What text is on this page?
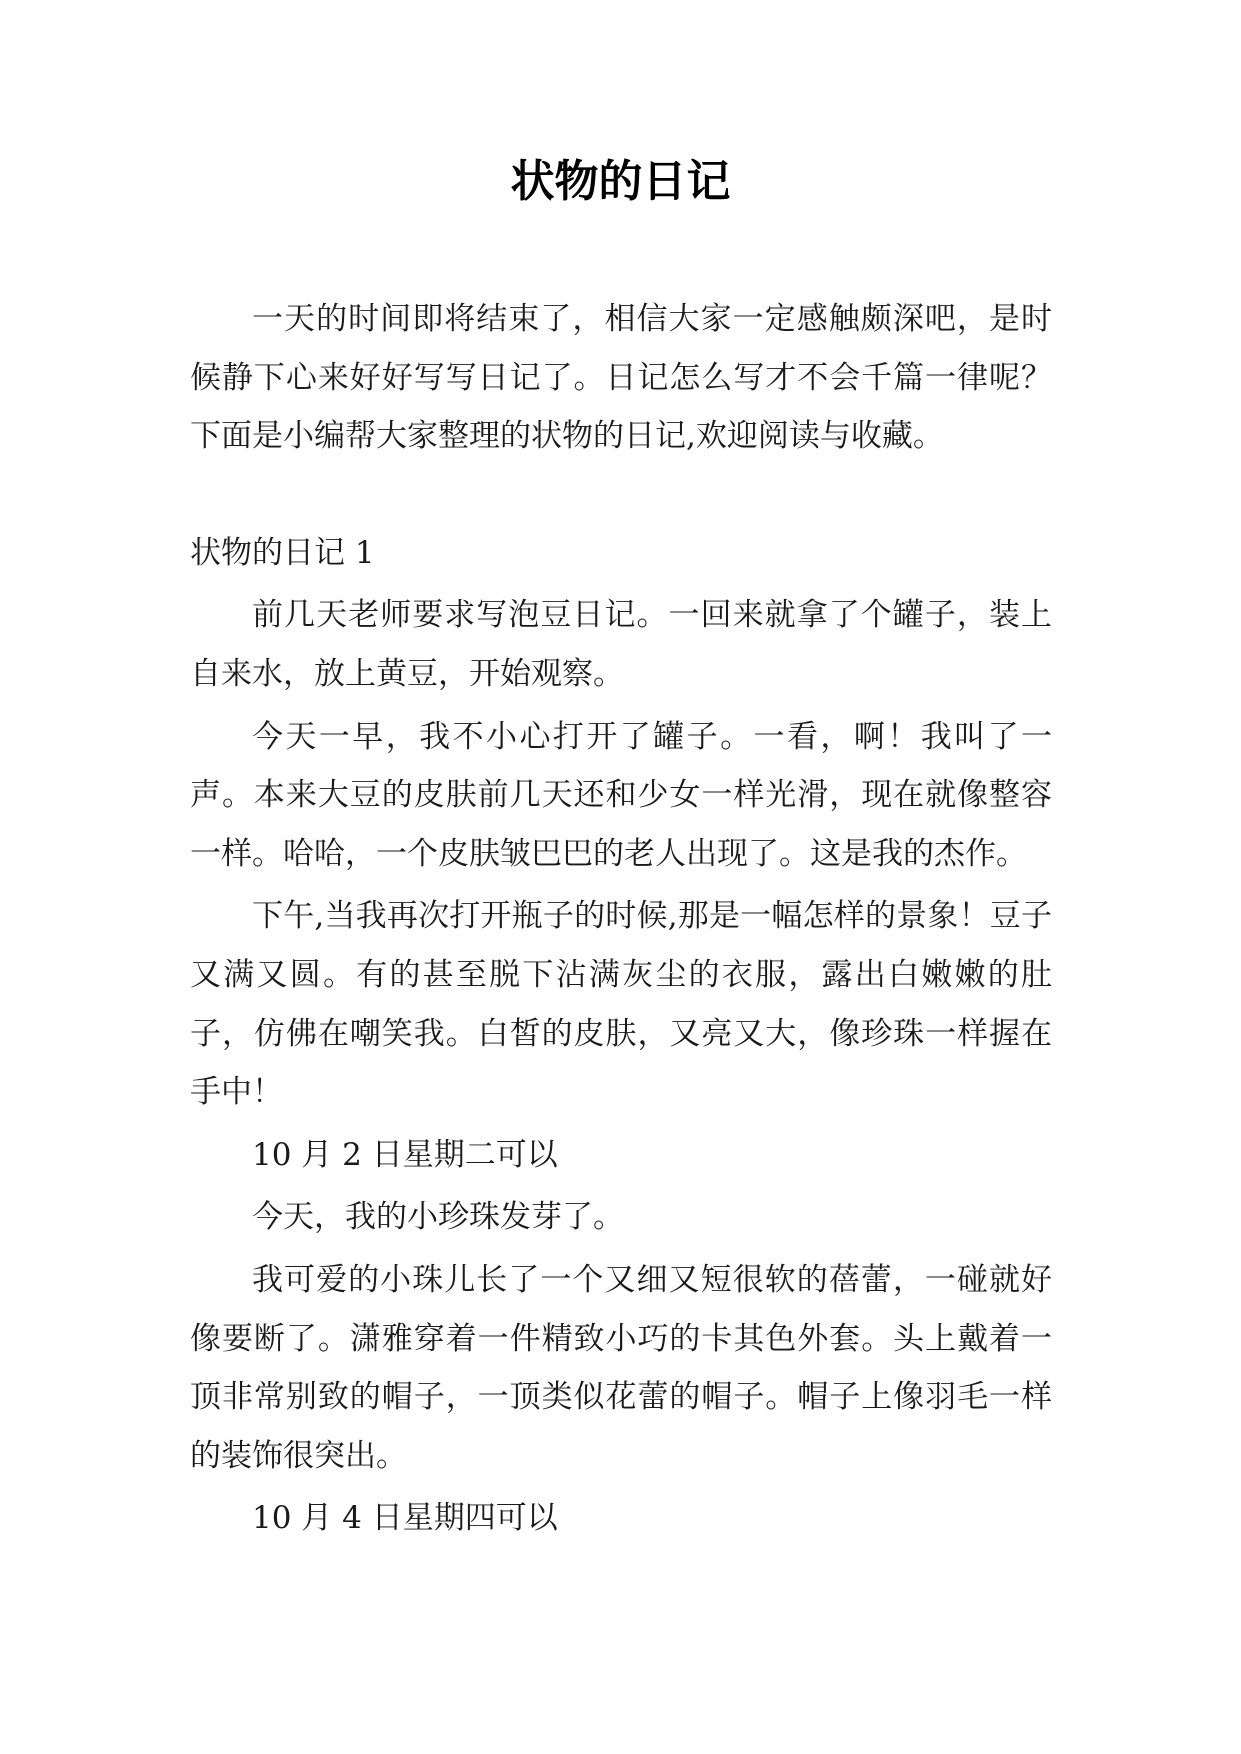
状物的日记

一天的时间即将结束了，相信大家一定感触颇深吧，是时候静下心来好好写写日记了。日记怎么写才不会千篇一律呢？下面是小编帮大家整理的状物的日记,欢迎阅读与收藏。

状物的日记 1

前几天老师要求写泡豆日记。一回来就拿了个罐子，装上自来水，放上黄豆，开始观察。

今天一早，我不小心打开了罐子。一看，啊！我叫了一声。本来大豆的皮肤前几天还和少女一样光滑，现在就像整容一样。哈哈，一个皮肤皱巴巴的老人出现了。这是我的杰作。

下午,当我再次打开瓶子的时候,那是一幅怎样的景象！豆子又满又圆。有的甚至脱下沾满灰尘的衣服，露出白嫩嫩的肚子，仿佛在嘲笑我。白皙的皮肤，又亮又大，像珍珠一样握在手中！

10 月 2 日星期二可以

今天，我的小珍珠发芽了。

我可爱的小珠儿长了一个又细又短很软的蓓蕾，一碰就好像要断了。潇雅穿着一件精致小巧的卡其色外套。头上戴着一顶非常别致的帽子，一顶类似花蕾的帽子。帽子上像羽毛一样的装饰很突出。

10 月 4 日星期四可以
